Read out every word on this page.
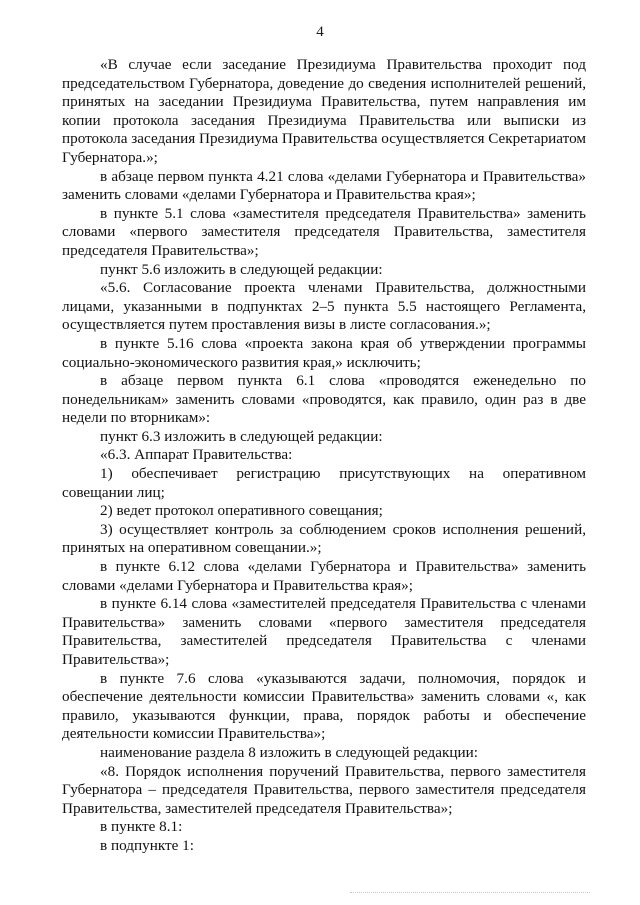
4

«В случае если заседание Президиума Правительства проходит под председательством Губернатора, доведение до сведения исполнителей решений, принятых на заседании Президиума Правительства, путем направления им копии протокола заседания Президиума Правительства или выписки из протокола заседания Президиума Правительства осуществляется Секретариатом Губернатора.»;

в абзаце первом пункта 4.21 слова «делами Губернатора и Правительства» заменить словами «делами Губернатора и Правительства края»;

в пункте 5.1 слова «заместителя председателя Правительства» заменить словами «первого заместителя председателя Правительства, заместителя председателя Правительства»;

пункт 5.6 изложить в следующей редакции:

«5.6. Согласование проекта членами Правительства, должностными лицами, указанными в подпунктах 2–5 пункта 5.5 настоящего Регламента, осуществляется путем проставления визы в листе согласования.»;

в пункте 5.16 слова «проекта закона края об утверждении программы социально-экономического развития края,» исключить;

в абзаце первом пункта 6.1 слова «проводятся еженедельно по понедельникам» заменить словами «проводятся, как правило, один раз в две недели по вторникам»:

пункт 6.3 изложить в следующей редакции:

«6.3. Аппарат Правительства:

1) обеспечивает регистрацию присутствующих на оперативном совещании лиц;

2) ведет протокол оперативного совещания;

3) осуществляет контроль за соблюдением сроков исполнения решений, принятых на оперативном совещании.»;

в пункте 6.12 слова «делами Губернатора и Правительства» заменить словами «делами Губернатора и Правительства края»;

в пункте 6.14 слова «заместителей председателя Правительства с членами Правительства» заменить словами «первого заместителя председателя Правительства, заместителей председателя Правительства с членами Правительства»;

в пункте 7.6 слова «указываются задачи, полномочия, порядок и обеспечение деятельности комиссии Правительства» заменить словами «, как правило, указываются функции, права, порядок работы и обеспечение деятельности комиссии Правительства»;

наименование раздела 8 изложить в следующей редакции:

«8. Порядок исполнения поручений Правительства, первого заместителя Губернатора – председателя Правительства, первого заместителя председателя Правительства, заместителей председателя Правительства»;

в пункте 8.1:

в подпункте 1:
